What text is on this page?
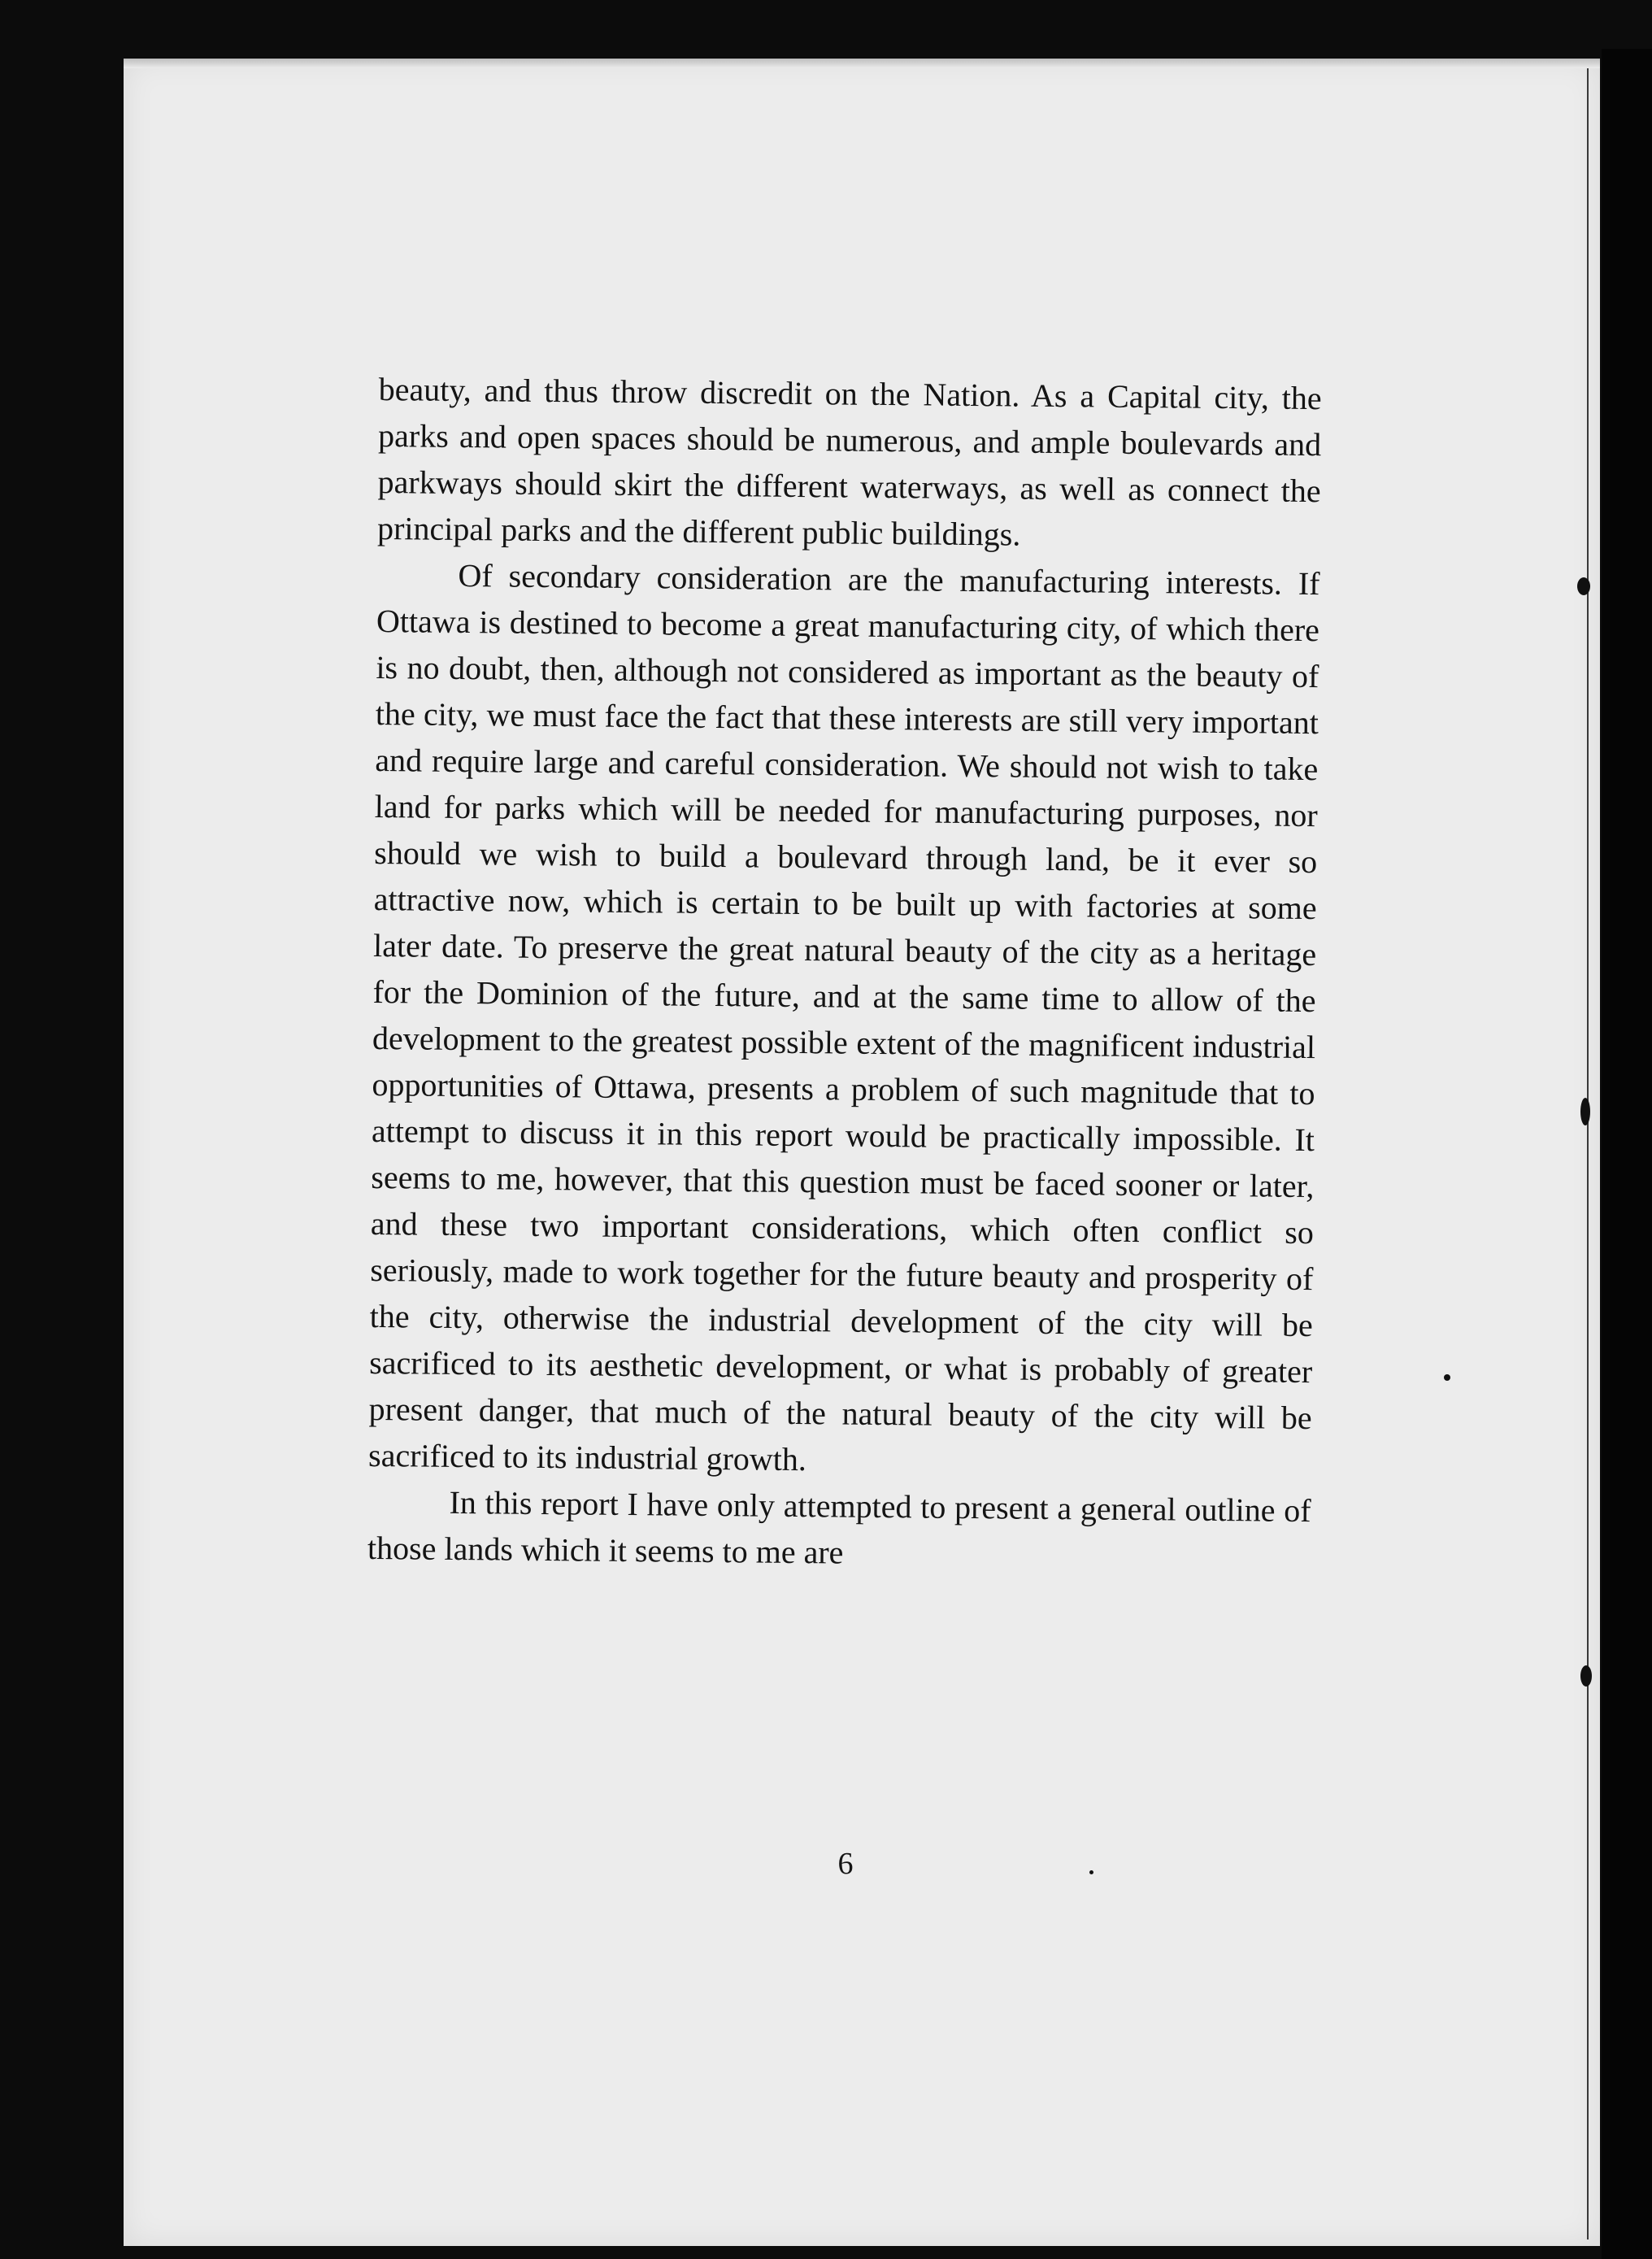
beauty, and thus throw discredit on the Nation. As a Capital city, the parks and open spaces should be numerous, and ample boulevards and parkways should skirt the different waterways, as well as connect the principal parks and the different public buildings.

Of secondary consideration are the manufacturing interests. If Ottawa is destined to become a great manufacturing city, of which there is no doubt, then, although not considered as important as the beauty of the city, we must face the fact that these interests are still very important and require large and careful consideration. We should not wish to take land for parks which will be needed for manufacturing purposes, nor should we wish to build a boulevard through land, be it ever so attractive now, which is certain to be built up with factories at some later date. To preserve the great natural beauty of the city as a heritage for the Dominion of the future, and at the same time to allow of the development to the greatest possible extent of the magnificent industrial opportunities of Ottawa, presents a problem of such magnitude that to attempt to discuss it in this report would be practically impossible. It seems to me, however, that this question must be faced sooner or later, and these two important considerations, which often conflict so seriously, made to work together for the future beauty and prosperity of the city, otherwise the industrial development of the city will be sacrificed to its aesthetic development, or what is probably of greater present danger, that much of the natural beauty of the city will be sacrificed to its industrial growth.

In this report I have only attempted to present a general outline of those lands which it seems to me are

6
